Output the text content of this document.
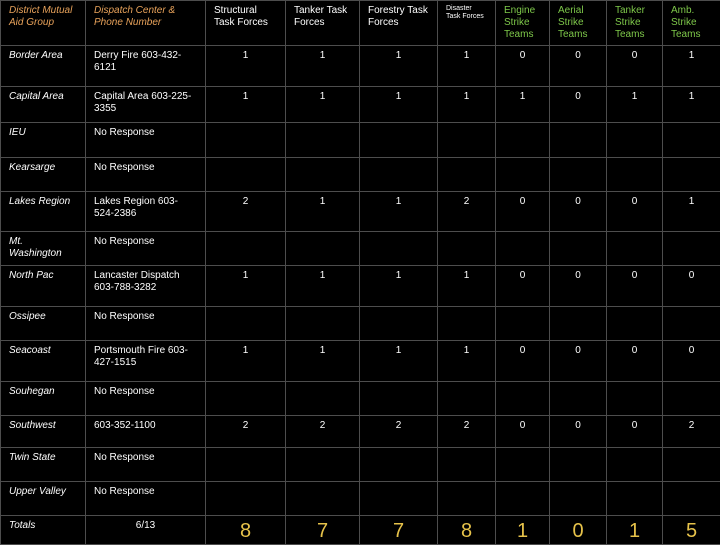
District Mutual Aid Group	Dispatch Center & Phone Number	Structural Task Forces	Tanker Task Forces	Forestry Task Forces	Disaster Task Forces	Engine Strike Teams	Aerial Strike Teams	Tanker Strike Teams	Amb. Strike Teams
Border Area	Derry Fire 603-432-6121	1	1	1	1	0	0	0	1
Capital Area	Capital Area 603-225-3355	1	1	1	1	1	0	1	1
IEU	No Response								
Kearsarge	No Response								
Lakes Region	Lakes Region 603-524-2386	2	1	1	2	0	0	0	1
Mt. Washington	No Response								
North Pac	Lancaster Dispatch 603-788-3282	1	1	1	1	0	0	0	0
Ossipee	No Response								
Seacoast	Portsmouth Fire 603-427-1515	1	1	1	1	0	0	0	0
Souhegan	No Response								
Southwest	603-352-1100	2	2	2	2	0	0	0	2
Twin State	No Response								
Upper Valley	No Response								
Totals	6/13	8	7	7	8	1	0	1	5
